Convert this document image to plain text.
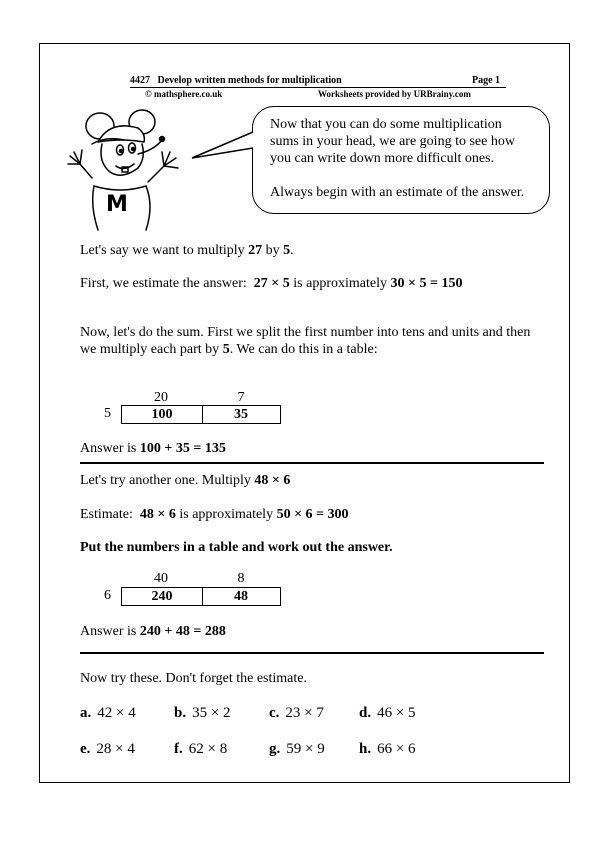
4427 Develop written methods for multiplication	Page 1
© mathsphere.co.uk	Worksheets provided by URBrainy.com
M
Now that you can do some multiplication
sums in your head, we are going to see how
you can write down more difficult ones.
Always begin with an estimate of the answer.
Let's say we want to multiply 27 by 5.
First, we estimate the answer:  27 × 5 is approximately 30 × 5 = 150
Now, let's do the sum. First we split the first number into tens and units and then
we multiply each part by 5. We can do this in a table:
20	7
5	100	35
Answer is 100 + 35 = 135
Let's try another one. Multiply 48 × 6
Estimate:  48 × 6 is approximately 50 × 6 = 300
Put the numbers in a table and work out the answer.
40	8
6	240	48
Answer is 240 + 48 = 288
Now try these. Don't forget the estimate.
a. 42 × 4	b. 35 × 2	c. 23 × 7 d. 46 × 5
e. 28 × 4	f. 62 × 8	g. 59 × 9 h. 66 × 6
